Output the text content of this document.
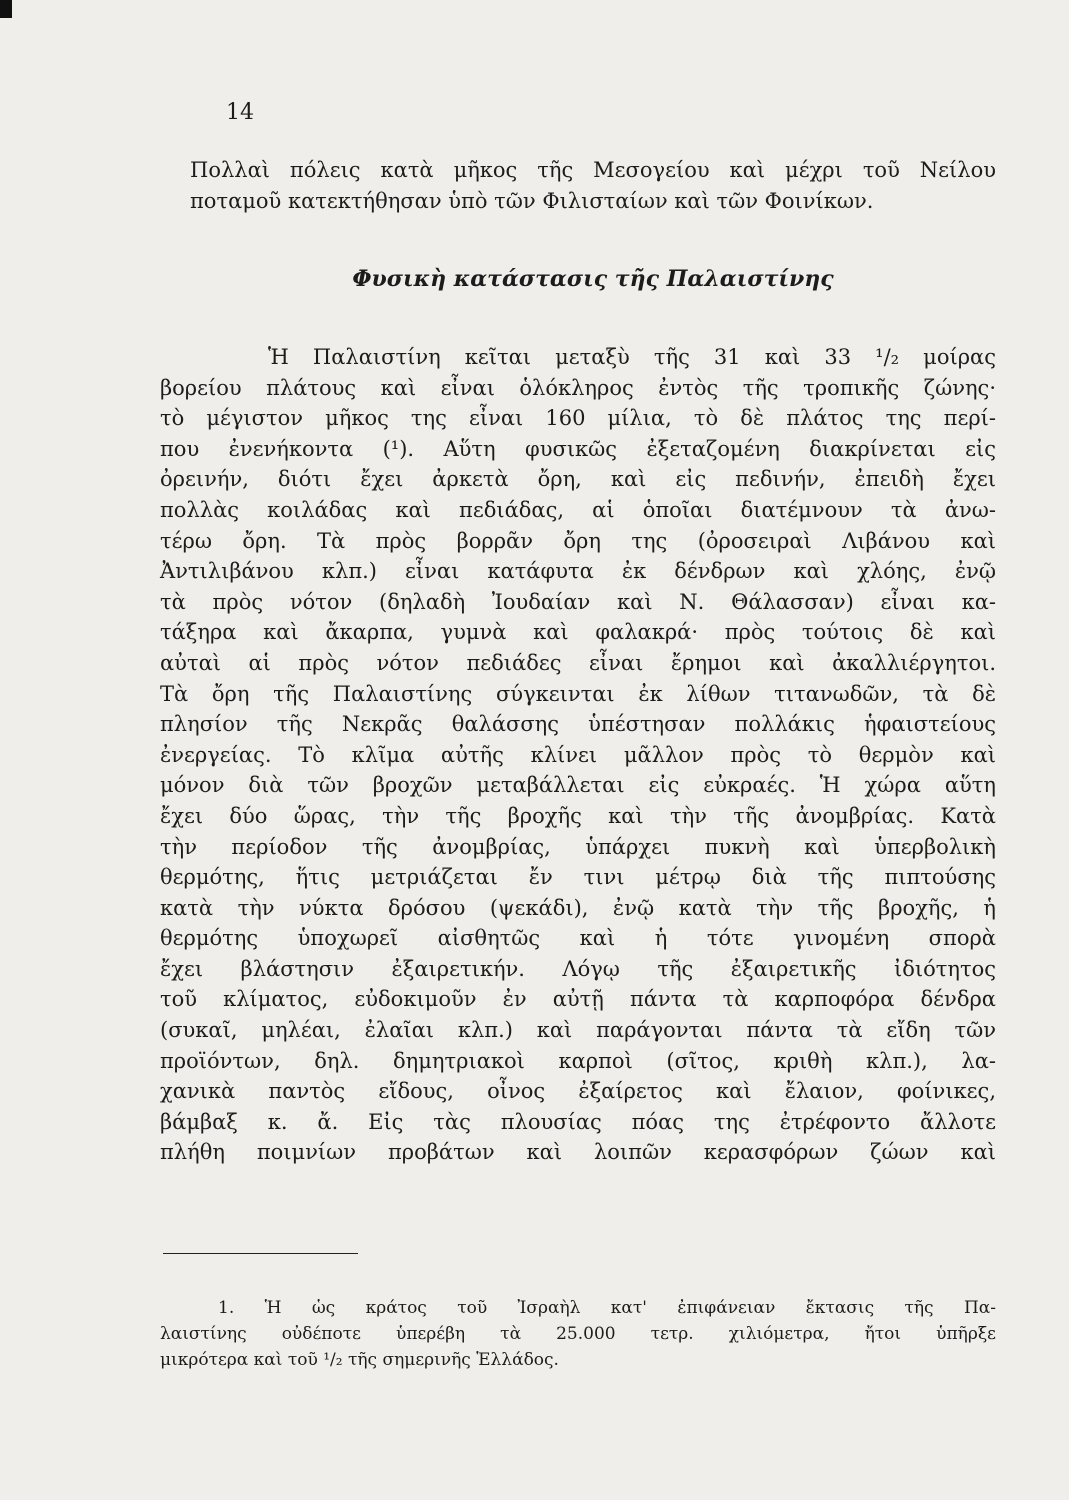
14
Πολλαὶ πόλεις κατὰ μῆκος τῆς Μεσογείου καὶ μέχρι τοῦ Νείλου
ποταμοῦ κατεκτήθησαν ὑπὸ τῶν Φιλισταίων καὶ τῶν Φοινίκων.
Φυσικὴ κατάστασις τῆς Παλαιστίνης
Ἡ Παλαιστίνη κεῖται μεταξὺ τῆς 31 καὶ 33 ¹/₂ μοίρας
βορείου πλάτους καὶ εἶναι ὁλόκληρος ἐντὸς τῆς τροπικῆς ζώνης·
τὸ μέγιστον μῆκος της εἶναι 160 μίλια, τὸ δὲ πλάτος της περί-
που ἐνενήκοντα (¹). Αὕτη φυσικῶς ἐξεταζομένη διακρίνεται εἰς
ὀρεινήν, διότι ἔχει ἀρκετὰ ὄρη, καὶ εἰς πεδινήν, ἐπειδὴ ἔχει
πολλὰς κοιλάδας καὶ πεδιάδας, αἱ ὁποῖαι διατέμνουν τὰ ἀνω-
τέρω ὄρη. Τὰ πρὸς βορρᾶν ὄρη της (ὀροσειραὶ Λιβάνου καὶ
Ἀντιλιβάνου κλπ.) εἶναι κατάφυτα ἐκ δένδρων καὶ χλόης, ἐνῷ
τὰ πρὸς νότον (δηλαδὴ Ἰουδαίαν καὶ Ν. Θάλασσαν) εἶναι κα-
τάξηρα καὶ ἄκαρπα, γυμνὰ καὶ φαλακρά· πρὸς τούτοις δὲ καὶ
αὐταὶ αἱ πρὸς νότον πεδιάδες εἶναι ἔρημοι καὶ ἀκαλλιέργητοι.
Τὰ ὄρη τῆς Παλαιστίνης σύγκεινται ἐκ λίθων τιτανωδῶν, τὰ δὲ
πλησίον τῆς Νεκρᾶς θαλάσσης ὑπέστησαν πολλάκις ἡφαιστείους
ἐνεργείας. Τὸ κλῖμα αὐτῆς κλίνει μᾶλλον πρὸς τὸ θερμὸν καὶ
μόνον διὰ τῶν βροχῶν μεταβάλλεται εἰς εὐκραές. Ἡ χώρα αὕτη
ἔχει δύο ὥρας, τὴν τῆς βροχῆς καὶ τὴν τῆς ἀνομβρίας. Κατὰ
τὴν περίοδον τῆς ἀνομβρίας, ὑπάρχει πυκνὴ καὶ ὑπερβολικὴ
θερμότης, ἥτις μετριάζεται ἔν τινι μέτρῳ διὰ τῆς πιπτούσης
κατὰ τὴν νύκτα δρόσου (ψεκάδι), ἐνῷ κατὰ τὴν τῆς βροχῆς, ἡ
θερμότης ὑποχωρεῖ αἰσθητῶς καὶ ἡ τότε γινομένη σπορὰ
ἔχει βλάστησιν ἐξαιρετικήν. Λόγῳ τῆς ἐξαιρετικῆς ἰδιότητος
τοῦ κλίματος, εὐδοκιμοῦν ἐν αὐτῇ πάντα τὰ καρποφόρα δένδρα
(συκαῖ, μηλέαι, ἐλαῖαι κλπ.) καὶ παράγονται πάντα τὰ εἴδη τῶν
προϊόντων, δηλ. δημητριακοὶ καρποὶ (σῖτος, κριθὴ κλπ.), λα-
χανικὰ παντὸς εἴδους, οἶνος ἐξαίρετος καὶ ἔλαιον, φοίνικες,
βάμβαξ κ. ἄ. Εἰς τὰς πλουσίας πόας της ἐτρέφοντο ἄλλοτε
πλήθη ποιμνίων προβάτων καὶ λοιπῶν κερασφόρων ζώων καὶ
1. Ἡ ὡς κράτος τοῦ Ἰσραὴλ κατ' ἐπιφάνειαν ἔκτασις τῆς Πα-
λαιστίνης οὐδέποτε ὑπερέβη τὰ 25.000 τετρ. χιλιόμετρα, ἤτοι ὑπῆρξε
μικρότερα καὶ τοῦ ¹/₂ τῆς σημερινῆς Ἑλλάδος.
